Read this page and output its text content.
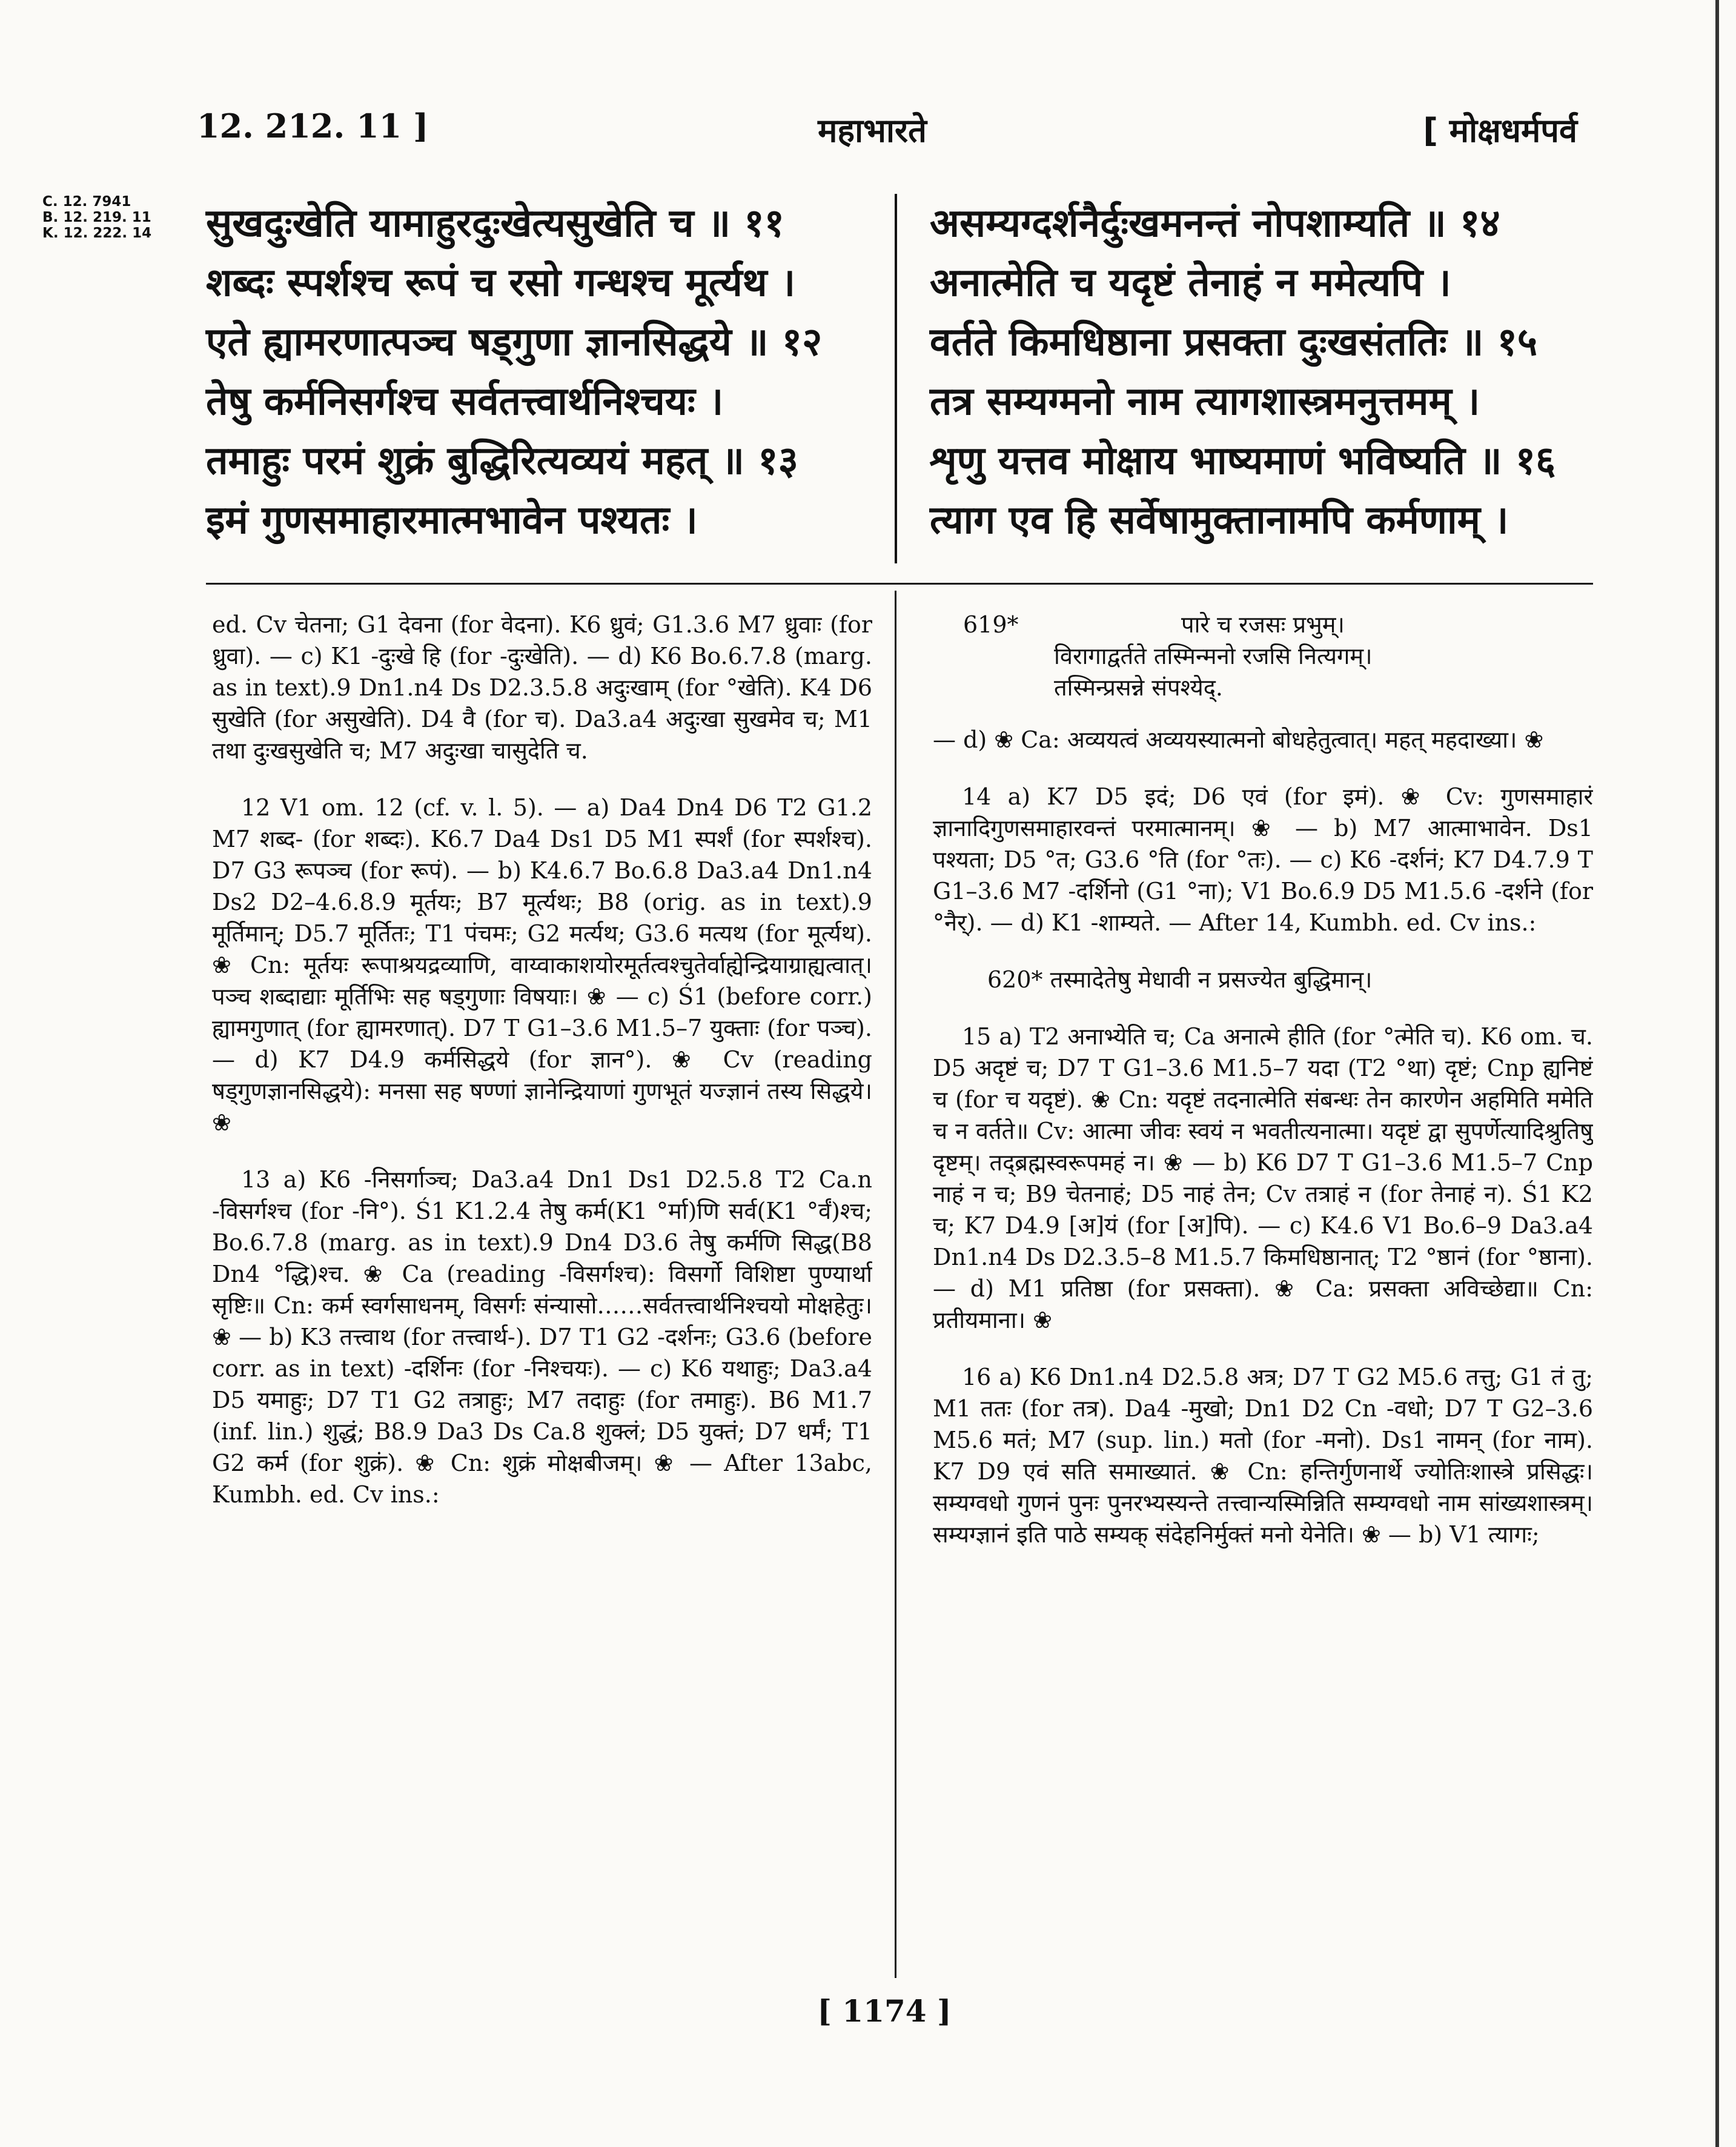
12. 212. 11 ]	महाभारते	[ मोक्षधर्मपर्व
C. 12. 7941
B. 12. 219. 11
K. 12. 222. 14 सुखदुःखेति यामाहुरदुःखेत्यसुखेति च ॥ ११
शब्दः स्पर्शश्च रूपं च रसो गन्धश्च मूर्त्यथ ।
एते ह्यामरणात्पञ्च षड्गुणा ज्ञानसिद्धये ॥ १२
तेषु कर्मनिसर्गश्च सर्वतत्त्वार्थनिश्चयः ।
तमाहुः परमं शुक्रं बुद्धिरित्यव्ययं महत् ॥ १३
इमं गुणसमाहारमात्मभावेन पश्यतः ।
असम्यग्दर्शनैर्दुःखमनन्तं नोपशाम्यति ॥ १४
अनात्मेति च यदृष्टं तेनाहं न ममेत्यपि ।
वर्तते किमधिष्ठाना प्रसक्ता दुःखसंततिः ॥ १५
तत्र सम्यग्मनो नाम त्यागशास्त्रमनुत्तमम् ।
शृणु यत्तव मोक्षाय भाष्यमाणं भविष्यति ॥ १६
त्याग एव हि सर्वेषामुक्तानामपि कर्मणाम् ।

ed. Cv चेतना; G1 देवना (for वेदना). K6 ध्रुवं; G1.3.6 M7 ध्रुवाः (for ध्रुवा). — c) K1 -दुःखे हि (for -दुःखेति). — d) K6 Bo.6.7.8 (marg. as in text).9 Dn1.n4 Ds D2.3.5.8 अदुःखाम् (for °खेति). K4 D6 सुखेति (for असुखेति). D4 वै (for च). Da3.a4 अदुःखा सुखमेव च; M1 तथा दुःखसुखेति च; M7 अदुःखा चासुदेति च.

12 V1 om. 12 (cf. v. l. 5). — a) Da4 Dn4 D6 T2 G1.2 M7 शब्द- (for शब्दः). K6.7 Da4 Ds1 D5 M1 स्पर्शं (for स्पर्शश्च). D7 G3 रूपञ्च (for रूपं). — b) K4.6.7 Bo.6.8 Da3.a4 Dn1.n4 Ds2 D2–4.6.8.9 मूर्तयः; B7 मूर्त्यथः; B8 (orig. as in text).9 मूर्तिमान्; D5.7 मूर्तितः; T1 पंचमः; G2 मर्त्यथ; G3.6 मत्यथ (for मूर्त्यथ). ❀ Cn: मूर्तयः रूपाश्रयद्रव्याणि, वाय्वाकाशयोरमूर्तत्वश्चुतेर्वाह्येन्द्रियाग्राह्यत्वात्। पञ्च शब्दाद्याः मूर्तिभिः सह षड्गुणाः विषयाः। ❀ — c) Ś1 (before corr.) ह्यामगुणात् (for ह्यामरणात्). D7 T G1–3.6 M1.5–7 युक्ताः (for पञ्च). — d) K7 D4.9 कर्मसिद्धये (for ज्ञान°). ❀ Cv (reading षड्गुणज्ञानसिद्धये): मनसा सह षण्णां ज्ञानेन्द्रियाणां गुणभूतं यज्ज्ञानं तस्य सिद्धये। ❀

13 a) K6 -निसर्गाञ्च; Da3.a4 Dn1 Ds1 D2.5.8 T2 Ca.n -विसर्गश्च (for -नि°). Ś1 K1.2.4 तेषु कर्म(K1 °र्मा)णि सर्व(K1 °र्वं)श्च; Bo.6.7.8 (marg. as in text).9 Dn4 D3.6 तेषु कर्मणि सिद्ध(B8 Dn4 °द्धि)श्च. ❀ Ca (reading -विसर्गश्च): विसर्गो विशिष्टा पुण्यार्था सृष्टिः॥ Cn: कर्म स्वर्गसाधनम्, विसर्गः संन्यासो……सर्वतत्त्वार्थनिश्चयो मोक्षहेतुः। ❀ — b) K3 तत्त्वाथ (for तत्त्वार्थ-). D7 T1 G2 -दर्शनः; G3.6 (before corr. as in text) -दर्शिनः (for -निश्चयः). — c) K6 यथाहुः; Da3.a4 D5 यमाहुः; D7 T1 G2 तत्राहुः; M7 तदाहुः (for तमाहुः). B6 M1.7 (inf. lin.) शुद्धं; B8.9 Da3 Ds Ca.8 शुक्लं; D5 युक्तं; D7 धर्मं; T1 G2 कर्म (for शुक्रं). ❀ Cn: शुक्रं मोक्षबीजम्। ❀ — After 13abc, Kumbh. ed. Cv ins.:

619*	पारे च रजसः प्रभुम्।
विरागाद्वर्तते तस्मिन्मनो रजसि नित्यगम्।
तस्मिन्प्रसन्ने संपश्येद्.

— d) ❀ Ca: अव्ययत्वं अव्ययस्यात्मनो बोधहेतुत्वात्। महत् महदाख्या। ❀

14 a) K7 D5 इदं; D6 एवं (for इमं). ❀ Cv: गुणसमाहारं ज्ञानादिगुणसमाहारवन्तं परमात्मानम्। ❀ — b) M7 आत्माभावेन. Ds1 पश्यता; D5 °त; G3.6 °ति (for °तः). — c) K6 -दर्शनं; K7 D4.7.9 T G1–3.6 M7 -दर्शिनो (G1 °ना); V1 Bo.6.9 D5 M1.5.6 -दर्शने (for °नैर्). — d) K1 -शाम्यते. — After 14, Kumbh. ed. Cv ins.:

620* तस्मादेतेषु मेधावी न प्रसज्येत बुद्धिमान्।

15 a) T2 अनाभ्येति च; Ca अनात्मे हीति (for °त्मेति च). K6 om. च. D5 अदृष्टं च; D7 T G1–3.6 M1.5–7 यदा (T2 °था) दृष्टं; Cnp ह्यनिष्टं च (for च यदृष्टं). ❀ Cn: यदृष्टं तदनात्मेति संबन्धः तेन कारणेन अहमिति ममेति च न वर्तते॥ Cv: आत्मा जीवः स्वयं न भवतीत्यनात्मा। यदृष्टं द्वा सुपर्णेत्यादिश्रुतिषु दृष्टम्। तद्ब्रह्मस्वरूपमहं न। ❀ — b) K6 D7 T G1–3.6 M1.5–7 Cnp नाहं न च; B9 चेतनाहं; D5 नाहं तेन; Cv तत्राहं न (for तेनाहं न). Ś1 K2 च; K7 D4.9 [अ]यं (for [अ]पि). — c) K4.6 V1 Bo.6–9 Da3.a4 Dn1.n4 Ds D2.3.5–8 M1.5.7 किमधिष्ठानात्; T2 °ष्ठानं (for °ष्ठाना). — d) M1 प्रतिष्ठा (for प्रसक्ता). ❀ Ca: प्रसक्ता अविच्छेद्या॥ Cn: प्रतीयमाना। ❀

16 a) K6 Dn1.n4 D2.5.8 अत्र; D7 T G2 M5.6 तत्तु; G1 तं तु; M1 ततः (for तत्र). Da4 -मुखो; Dn1 D2 Cn -वधो; D7 T G2–3.6 M5.6 मतं; M7 (sup. lin.) मतो (for -मनो). Ds1 नामन् (for नाम). K7 D9 एवं सति समाख्यातं. ❀ Cn: हन्तिर्गुणनार्थे ज्योतिःशास्त्रे प्रसिद्धः। सम्यग्वधो गुणनं पुनः पुनरभ्यस्यन्ते तत्त्वान्यस्मिन्निति सम्यग्वधो नाम सांख्यशास्त्रम्। सम्यग्ज्ञानं इति पाठे सम्यक् संदेहनिर्मुक्तं मनो येनेति। ❀ — b) V1 त्यागः;

[ 1174 ]
